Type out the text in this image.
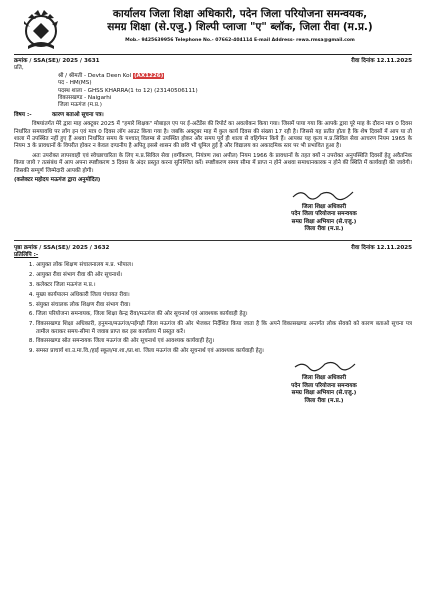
कार्यालय जिला शिक्षा अधिकारी, पदेन जिला परियोजना समन्वयक,
समग्र शिक्षा (से.एजु.) शिल्पी प्लाजा "ए" ब्लॉक, जिला रीवा (म.प्र.)
Mob.- 9425639956 Telephone No.- 07662-404114 E-mail Address- rewa.rmsa@gmail.com
क्रमांक / SSA(SE)/ 2025 / 3631	रीवा दिनांक 12.11.2025
प्रति,
श्री / श्रीमती - Devta Deen Kol (AX1226)
पद - HM(MS)
पदस्थ शाला - GHSS KHARRA(1 to 12) (23140506111)
विकासखण्ड - Naigarhi
जिला मऊगंज (म.प्र.)
विषय :-	कारण बताओ सूचना पत्र।
विषयांतर्गत मेरे द्वारा माह अक्टूबर 2025 में "हमारे शिक्षक" मोबाइल एप पर ई-अटेंडेंस की रिपोर्ट का अवलोकन किया गया। जिसमें पाया गया कि आपके द्वारा पूरे माह के दौरान मात्र 0 दिवस निर्धारित समयावधि पर लॉग इन एवं मात्र 0 दिवस लॉग आउट किया गया है। जबकि अक्टूबर माह में कुल कार्य दिवस की संख्या 17 रही है। जिससे यह प्रतीत होता है कि शेष दिवसों में आप या तो शाला में उपस्थित नहीं हुए हैं अथवा निर्धारित समय के पश्चात् विलम्ब से उपस्थित होकर और समय पूर्व ही शाला से वहिर्गमन किये हैं। आपका यह कृत्य म.प्र.सिविल सेवा आचरण नियम 1965 के नियम 3 के प्रावधानों के विपरीत होकर न केवल दण्डनीय है अपितु इससे शासन की छवि भी धूमिल हुई है और विद्यालय का अकादमिक स्तर पर भी प्रभावित हुआ है।
अतः उपरोक्त लापरवाही एवं स्वेच्छाचारिता के लिए म.प्र.सिविल सेवा (वर्गीकरण, नियंत्रण तथा अपील) नियम 1966 के प्रावधानों के तहत क्यों न उपरोक्त अनुपस्थिति दिवसों हेतु अवैतनिक किया जाये ? तत्संबंध में आप अपना स्पष्टीकरण 3 दिवस के अंदर प्रस्तुत करना सुनिश्चित करें। स्पष्टीकरण समय सीमा में प्राप्त न होने अथवा समाधानकारक न होने की स्थिति में कार्यवाही की जावेगी। जिसकी सम्पूर्ण जिम्मेदारी आपकी होगी।
(कलेक्टर महोदय मऊगंज द्वारा अनुमोदित)
जिला शिक्षा अधिकारी
पदेन जिला परियोजना समन्वयक
समग्र शिक्षा अभियान (से.एजु.)
जिला रीवा (म.प्र.)
पृष्ठा क्रमांक / SSA(SE)/ 2025 / 3632	रीवा दिनांक 12.11.2025
प्रतिलिपि :-
1. आयुक्त लोक शिक्षण संचालनालय म.प्र. भोपाल।
2. आयुक्त रीवा संभाग रीवा की ओर सूचनार्थ।
3. कलेक्टर जिला मऊगंज म.प्र.।
4. मुख्य कार्यपालन अधिकारी जिला पंचायत रीवा।
5. संयुक्त संचालक लोक शिक्षण रीवा संभाग रीवा।
6. जिला परियोजना समन्वयक, जिला शिक्षा केन्द्र रीवा/मऊगंज की ओर सूचनार्थ एवं आवश्यक कार्यवाही हेतु।
7. विकासखण्ड शिक्षा अधिकारी, हनुमना/मऊगंज/नईगढ़ी जिला मऊगंज की ओर भेजकर निर्देशित किया जाता है कि अपने विकासखण्ड अन्तर्गत लोक सेवको को कारण बताओ सूचना पत्र तामील कराकर समय-सीमा में जवाब प्राप्त कर इस कार्यालय में प्रस्तुत करें।
8. विकासखण्ड स्रोत समन्वयक जिला मऊगंज की ओर सूचनार्थ एवं आवश्यक कार्यवाही हेतु।
9. समस्त प्राचार्य शा.उ.मा.वि./हाई स्कूल/मा.शा./प्रा.शा. जिला मऊगंज की ओर सूचनार्थ एवं आवश्यक कार्यवाही हेतु।
जिला शिक्षा अधिकारी
पदेन जिला परियोजना समन्वयक
समग्र शिक्षा अभियान (से.एजु.)
जिला रीवा (म.प्र.)
